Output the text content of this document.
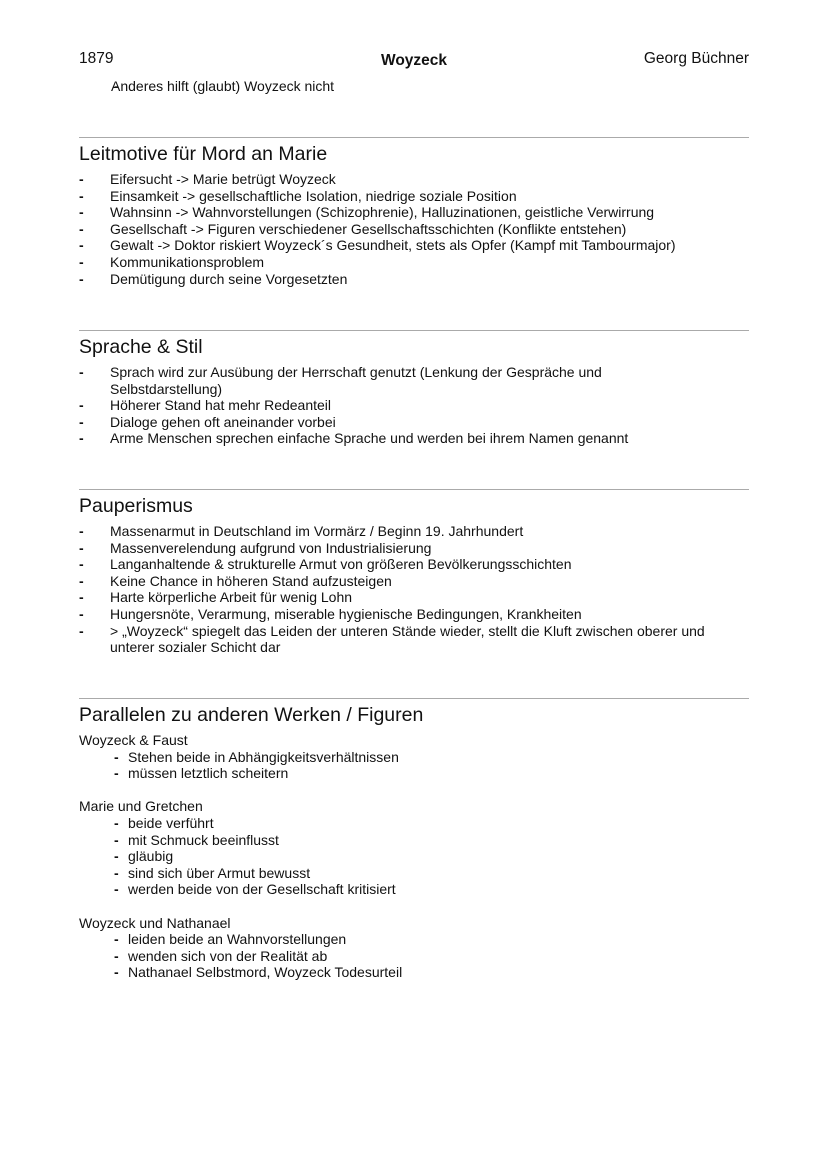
1879	Woyzeck	Georg Büchner
- Anderes hilft (glaubt) Woyzeck nicht
Leitmotive für Mord an Marie
- Eifersucht -> Marie betrügt Woyzeck
- Einsamkeit -> gesellschaftliche Isolation, niedrige soziale Position
- Wahnsinn -> Wahnvorstellungen (Schizophrenie), Halluzinationen, geistliche Verwirrung
- Gesellschaft -> Figuren verschiedener Gesellschaftsschichten (Konflikte entstehen)
- Gewalt -> Doktor riskiert Woyzeck´s Gesundheit, stets als Opfer (Kampf mit Tambourmajor)
- Kommunikationsproblem
- Demütigung durch seine Vorgesetzten
Sprache & Stil
- Sprach wird zur Ausübung der Herrschaft genutzt (Lenkung der Gespräche und Selbstdarstellung)
- Höherer Stand hat mehr Redeanteil
- Dialoge gehen oft aneinander vorbei
- Arme Menschen sprechen einfache Sprache und werden bei ihrem Namen genannt
Pauperismus
- Massenarmut in Deutschland im Vormärz / Beginn 19. Jahrhundert
- Massenverelendung aufgrund von Industrialisierung
- Langanhaltende & strukturelle Armut von größeren Bevölkerungsschichten
- Keine Chance in höheren Stand aufzusteigen
- Harte körperliche Arbeit für wenig Lohn
- Hungersnöte, Verarmung, miserable hygienische Bedingungen, Krankheiten
- > „Woyzeck“ spiegelt das Leiden der unteren Stände wieder, stellt die Kluft zwischen oberer und unterer sozialer Schicht dar
Parallelen zu anderen Werken / Figuren
Woyzeck & Faust
- Stehen beide in Abhängigkeitsverhältnissen
- müssen letztlich scheitern
Marie und Gretchen
- beide verführt
- mit Schmuck beeinflusst
- gläubig
- sind sich über Armut bewusst
- werden beide von der Gesellschaft kritisiert
Woyzeck und Nathanael
- leiden beide an Wahnvorstellungen
- wenden sich von der Realität ab
- Nathanael Selbstmord, Woyzeck Todesurteil
